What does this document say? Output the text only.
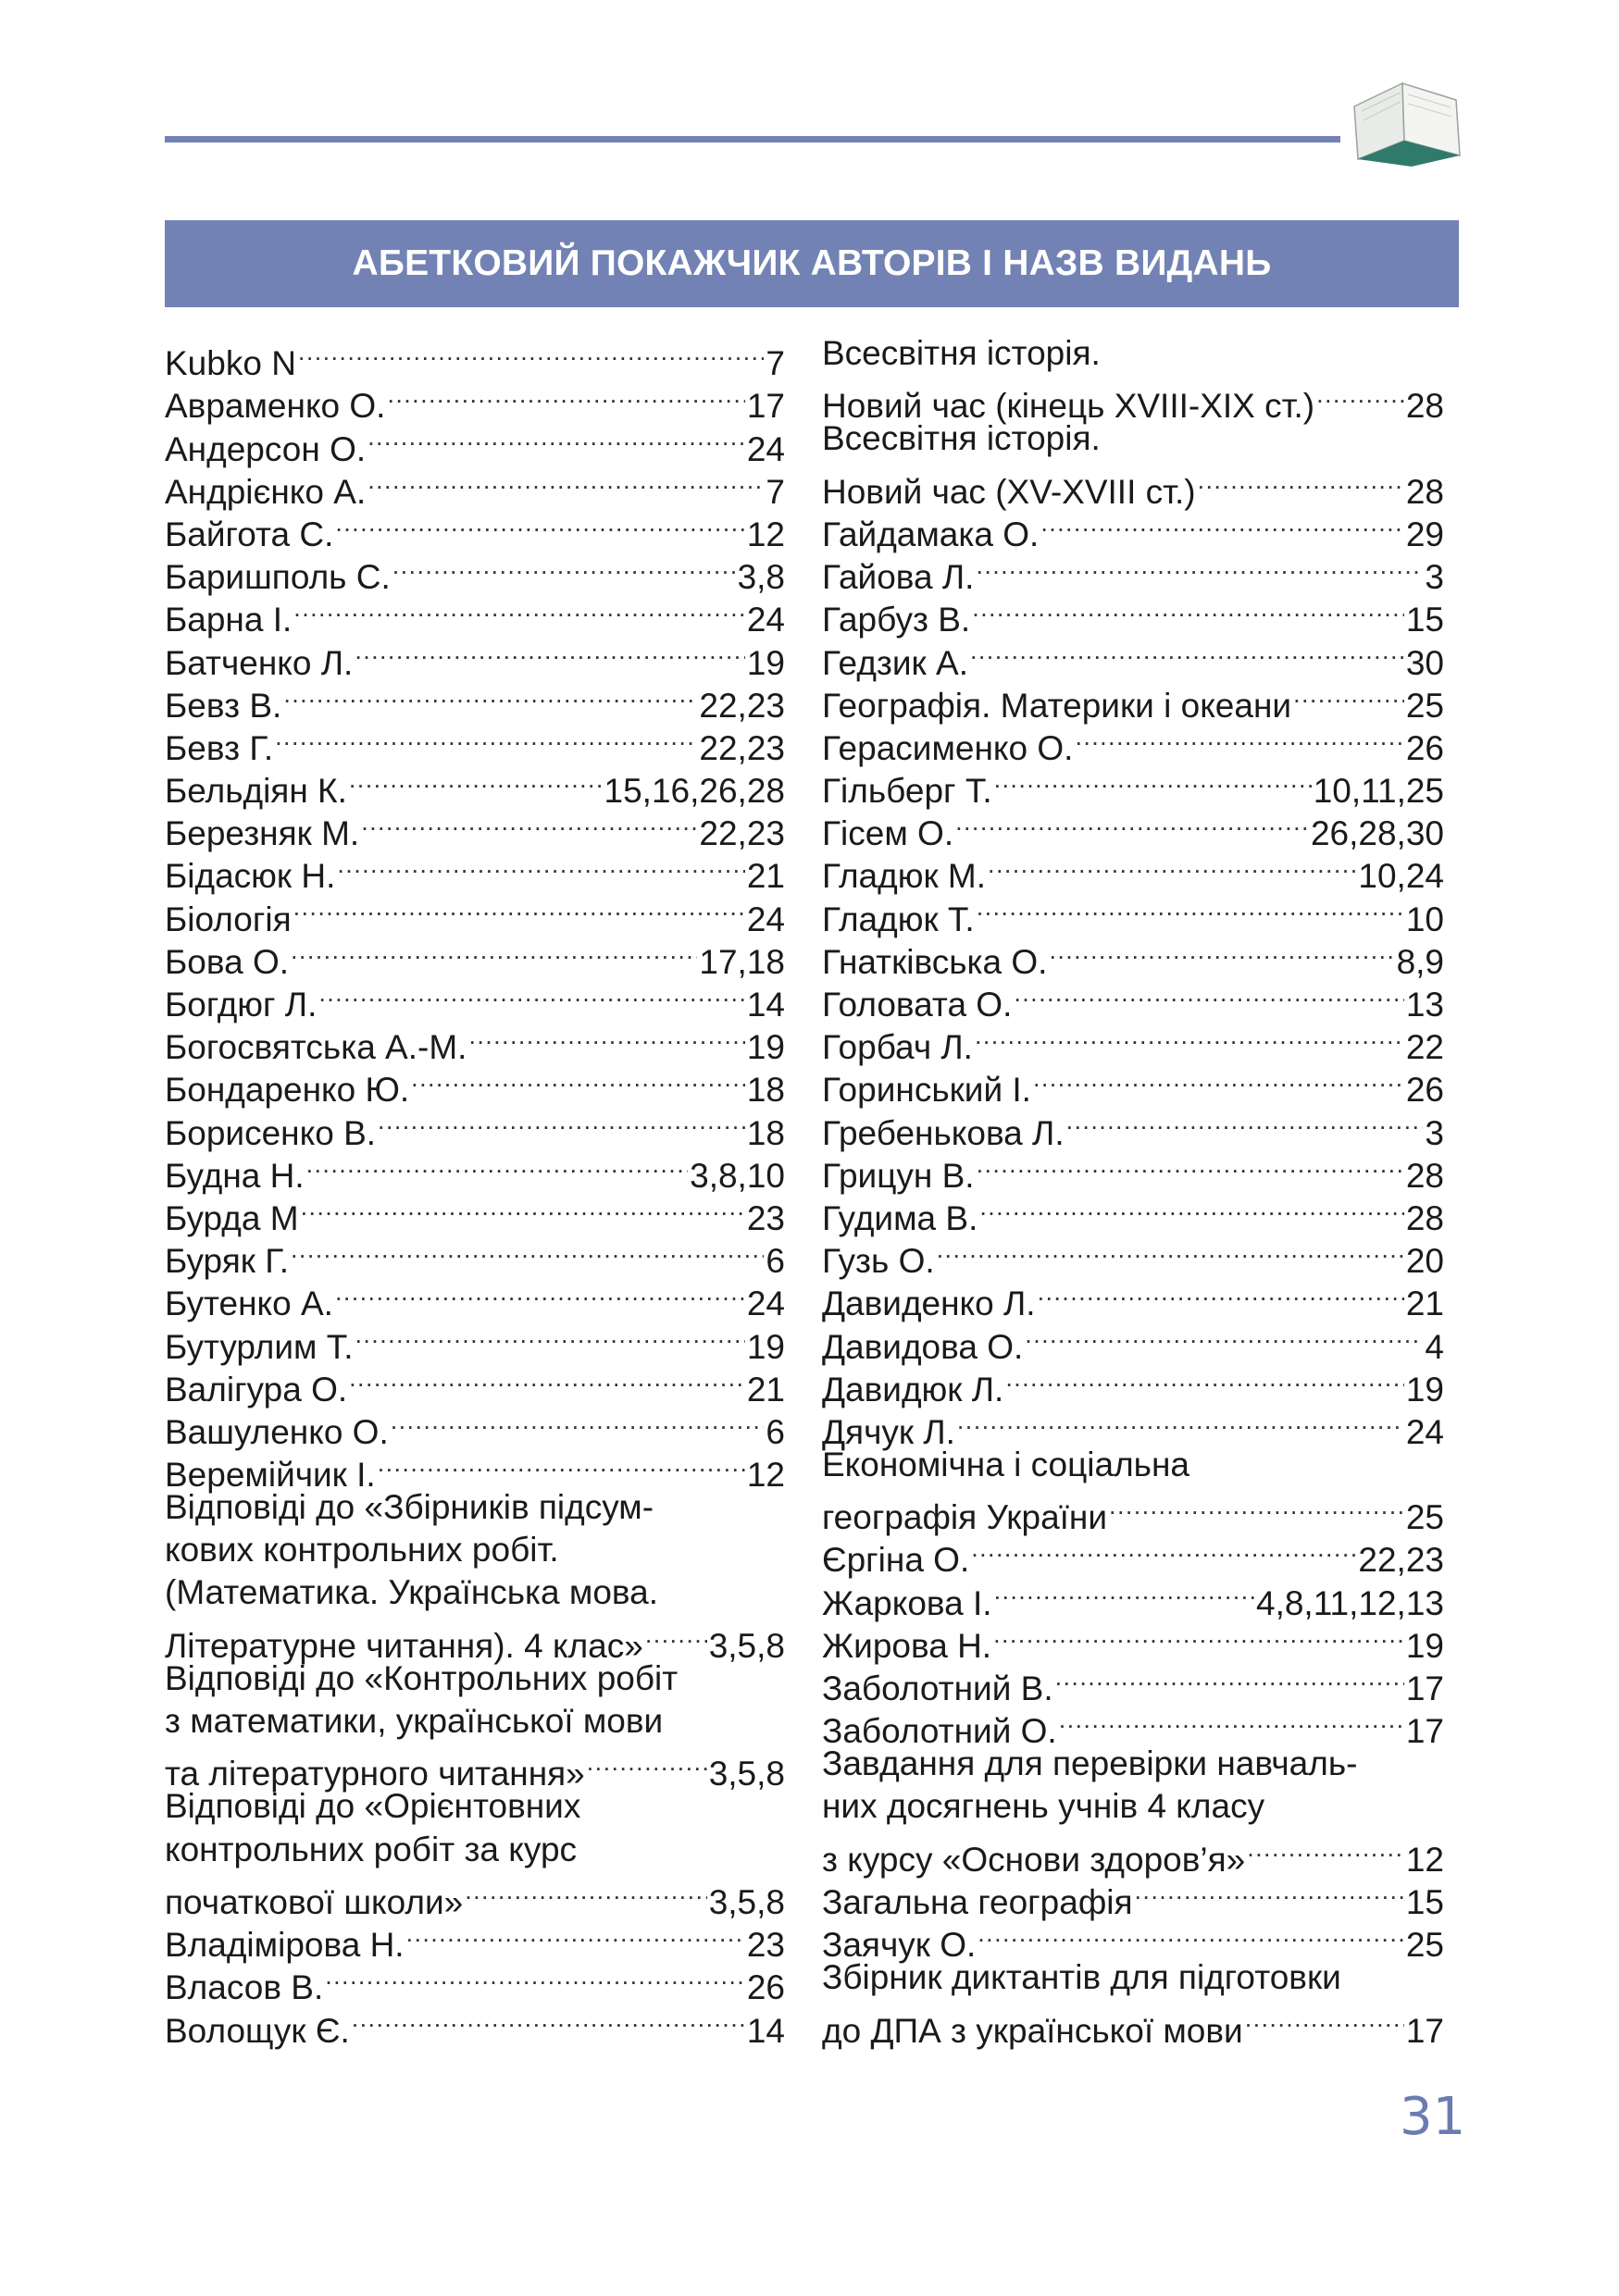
АБЕТКОВИЙ ПОКАЖЧИК АВТОРІВ І НАЗВ ВИДАНЬ
Kubko N .....	7
Авраменко О. .....	17
Андерсон О. .....	24
Андрієнко А. .....	7
Байгота С. .....	12
Баришполь С. .....	3,8
Барна І. .....	24
Батченко Л. .....	19
Бевз В. .....	22,23
Бевз Г. .....	22,23
Бельдіян К. .....	15,16,26,28
Березняк М. .....	22,23
Бідасюк Н. .....	21
Біологія .....	24
Бова О. .....	17,18
Богдюг Л. .....	14
Богосвятська А.-М. .....	19
Бондаренко Ю. .....	18
Борисенко В. .....	18
Будна Н. .....	3,8,10
Бурда М .....	23
Буряк Г. .....	6
Бутенко А. .....	24
Бутурлим Т. .....	19
Валігура О. .....	21
Вашуленко О. .....	6
Веремійчик І. .....	12
Відповіді до «Збірників підсум-
кових контрольних робіт.
(Математика. Українська мова.
Літературне читання). 4 клас» ..... 3,5,8
Відповіді до «Контрольних робіт
з математики, української мови
та літературного читання» .....	3,5,8
Відповіді до «Орієнтовних
контрольних робіт за курс
початкової школи» .....	3,5,8
Владімірова Н. .....	23
Власов В. .....	26
Волощук Є. .....	14
Всесвітня історія.
Новий час (кінець XVIII-XIX ст.) .....	28
Всесвітня історія.
Новий час (XV-XVIII ст.) .....	28
Гайдамака О. .....	29
Гайова Л. .....	3
Гарбуз В. .....	15
Гедзик А. .....	30
Географія. Материки і океани .....	25
Герасименко О. .....	26
Гільберг Т. .....	10,11,25
Гісем О. .....	26,28,30
Гладюк М. .....	10,24
Гладюк Т. .....	10
Гнатківська О. .....	8,9
Головата О. .....	13
Горбач Л. .....	22
Горинський І. .....	26
Гребенькова Л. .....	3
Грицун В. .....	28
Гудима В. .....	28
Гузь О. .....	20
Давиденко Л. .....	21
Давидова О. .....	4
Давидюк Л. .....	19
Дячук Л. .....	24
Економічна і соціальна
географія України .....	25
Єргіна О. .....	22,23
Жаркова І. .....	4,8,11,12,13
Жирова Н. .....	19
Заболотний В. .....	17
Заболотний О. .....	17
Завдання для перевірки навчаль-
них досягнень учнів 4 класу
з курсу «Основи здоров’я» .....	12
Загальна географія .....	15
Заячук О. .....	25
Збірник диктантів для підготовки
до ДПА з української мови .....	17
31
